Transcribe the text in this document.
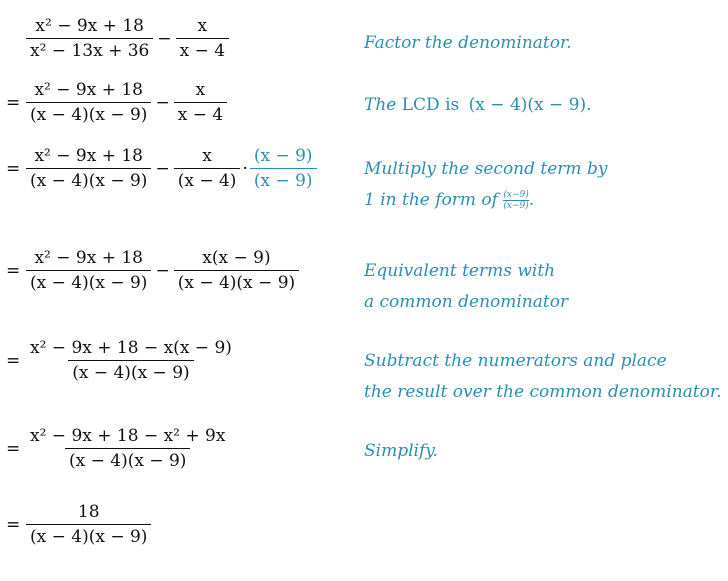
$\frac{\text{x² − 9x + 18}}{\text{x² − 13x + 36}} - \frac{x}{x - 4}$
= $\frac{\text{x² − 9x + 18}}{(x - 4)(x - 9)} - \frac{x}{x - 4}$
= $\frac{\text{x² − 9x + 18}}{(x - 4)(x - 9)} - \frac{x}{(x - 4)} \cdot \frac{(x - 9)}{(x - 9)}$
= $\frac{\text{x² − 9x + 18}}{(x - 4)(x - 9)} - \frac{x(x - 9)}{(x - 4)(x - 9)}$
= $\frac{\text{x² − 9x + 18 − x(x − 9)}}{(x - 4)(x - 9)}$
= $\frac{\text{x² − 9x + 18 − x² + 9x}}{(x - 4)(x - 9)}$
= $\frac{18}{(x - 4)(x - 9)}$
Factor the denominator.
The LCD is (x − 4)(x − 9).
Multiply the second term by
1 in the form of $\frac{(x-9)}{(x-9)}$ .
Equivalent terms with
a common denominator
Subtract the numerators and place
the result over the common denominator.
Simplify.
